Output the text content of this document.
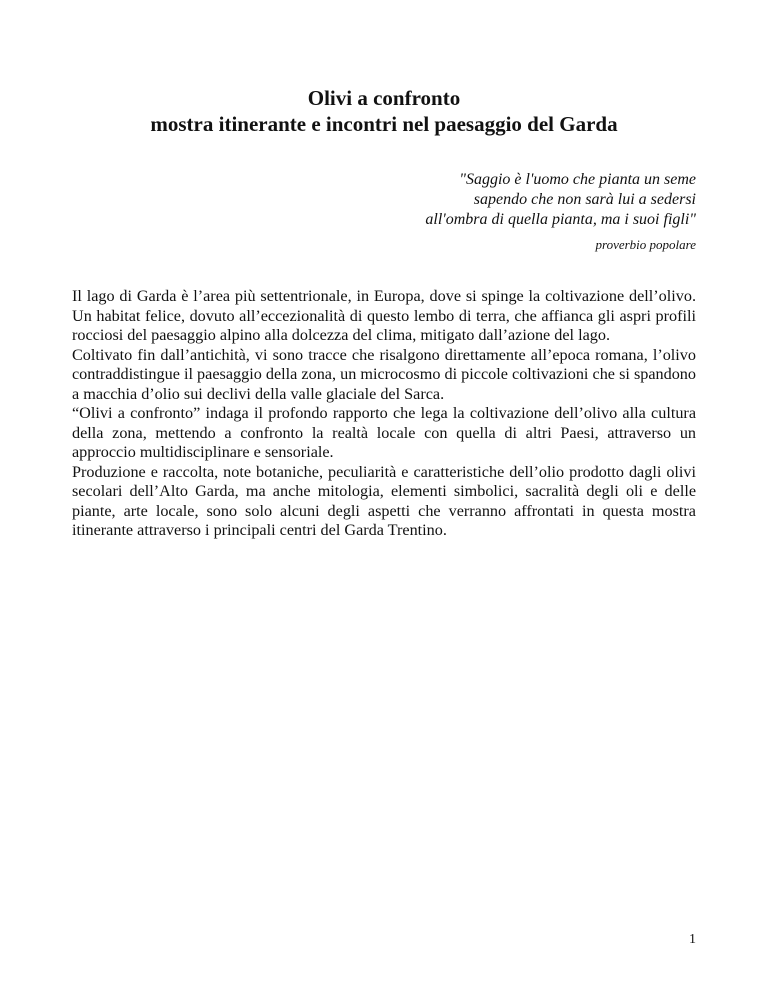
Olivi a confronto
mostra itinerante e incontri nel paesaggio del Garda
"Saggio è l'uomo che pianta un seme
sapendo che non sarà lui a sedersi
all'ombra di quella pianta, ma i suoi figli"
proverbio popolare

Il lago di Garda è l’area più settentrionale, in Europa, dove si spinge la coltivazione dell’olivo. Un habitat felice, dovuto all’eccezionalità di questo lembo di terra, che affianca gli aspri profili rocciosi del paesaggio alpino alla dolcezza del clima, mitigato dall’azione del lago.

Coltivato fin dall’antichità, vi sono tracce che risalgono direttamente all’epoca romana, l’olivo contraddistingue il paesaggio della zona, un microcosmo di piccole coltivazioni che si spandono a macchia d’olio sui declivi della valle glaciale del Sarca.

“Olivi a confronto” indaga il profondo rapporto che lega la coltivazione dell’olivo alla cultura della zona, mettendo a confronto la realtà locale con quella di altri Paesi, attraverso un approccio multidisciplinare e sensoriale.

Produzione e raccolta, note botaniche, peculiarità e caratteristiche dell’olio prodotto dagli olivi secolari dell’Alto Garda, ma anche mitologia, elementi simbolici, sacralità degli oli e delle piante, arte locale, sono solo alcuni degli aspetti che verranno affrontati in questa mostra itinerante attraverso i principali centri del Garda Trentino.

1
